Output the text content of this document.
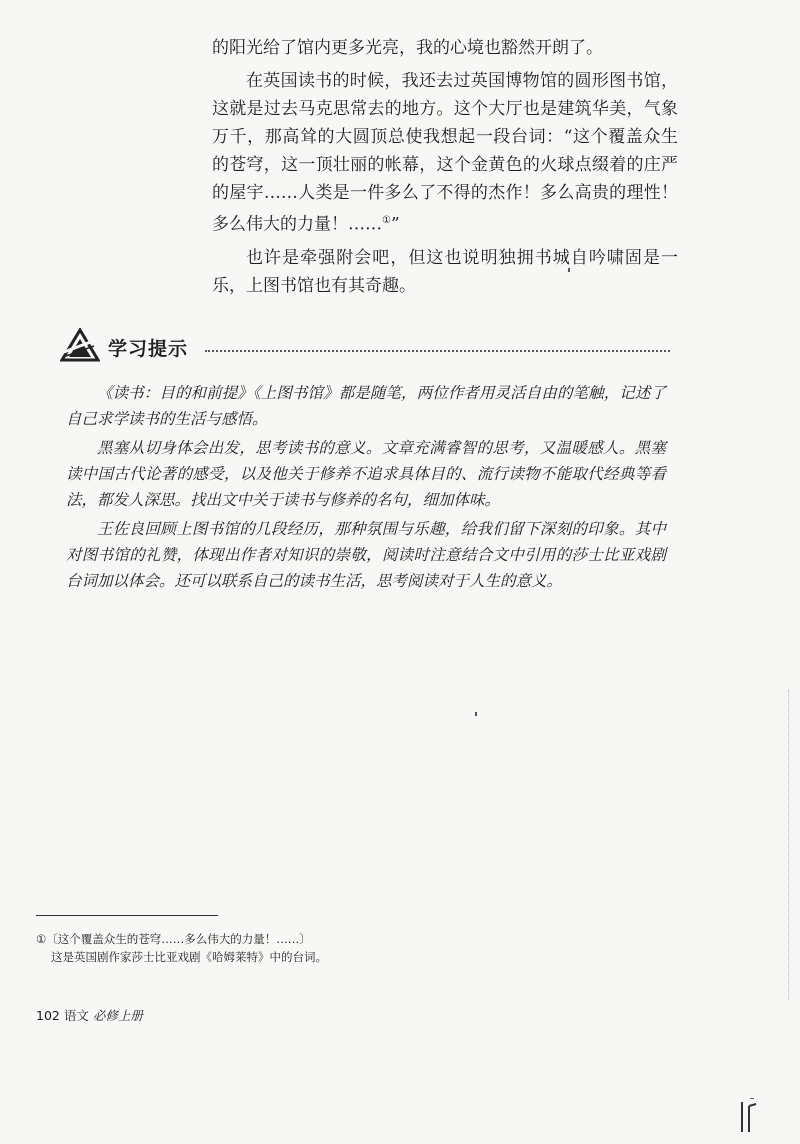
的阳光给了馆内更多光亮，我的心境也豁然开朗了。

在英国读书的时候，我还去过英国博物馆的圆形图书馆，这就是过去马克思常去的地方。这个大厅也是建筑华美，气象万千，那高耸的大圆顶总使我想起一段台词：“这个覆盖众生的苍穹，这一顶壮丽的帐幕，这个金黄色的火球点缀着的庄严的屋宇……人类是一件多么了不得的杰作！多么高贵的理性！多么伟大的力量！……①”

也许是牵强附会吧，但这也说明独拥书城自吟啸固是一乐，上图书馆也有其奇趣。

学习提示

《读书：目的和前提》《上图书馆》都是随笔，两位作者用灵活自由的笔触，记述了自己求学读书的生活与感悟。

黑塞从切身体会出发，思考读书的意义。文章充满睿智的思考，又温暖感人。黑塞读中国古代论著的感受，以及他关于修养不追求具体目的、流行读物不能取代经典等看法，都发人深思。找出文中关于读书与修养的名句，细加体味。

王佐良回顾上图书馆的几段经历，那种氛围与乐趣，给我们留下深刻的印象。其中对图书馆的礼赞，体现出作者对知识的崇敬，阅读时注意结合文中引用的莎士比亚戏剧台词加以体会。还可以联系自己的读书生活，思考阅读对于人生的意义。

①〔这个覆盖众生的苍穹……多么伟大的力量！……〕
这是英国剧作家莎士比亚戏剧《哈姆莱特》中的台词。
102 语文 必修上册
